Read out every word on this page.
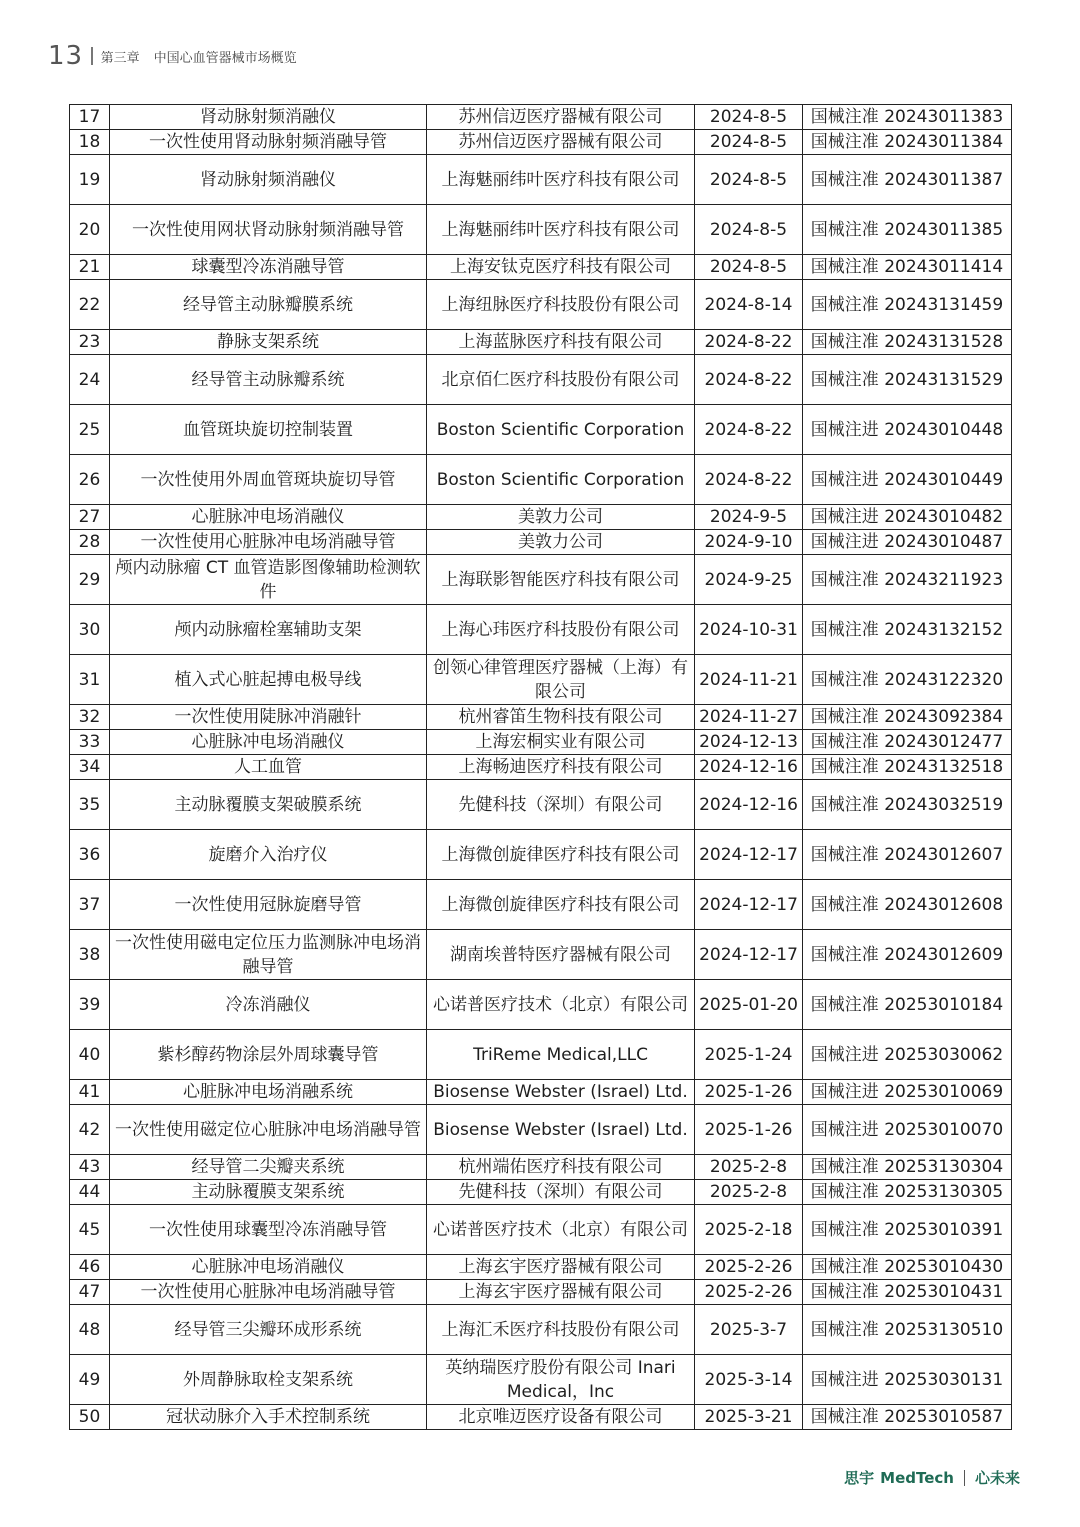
13 第三章 中国心血管器械市场概览
17	肾动脉射频消融仪	苏州信迈医疗器械有限公司	2024-8-5	国械注准 20243011383
18	一次性使用肾动脉射频消融导管	苏州信迈医疗器械有限公司	2024-8-5	国械注准 20243011384
19	肾动脉射频消融仪	上海魅丽纬叶医疗科技有限公司	2024-8-5	国械注准 20243011387
20	一次性使用网状肾动脉射频消融导管	上海魅丽纬叶医疗科技有限公司	2024-8-5	国械注准 20243011385
21	球囊型冷冻消融导管	上海安钛克医疗科技有限公司	2024-8-5	国械注准 20243011414
22	经导管主动脉瓣膜系统	上海纽脉医疗科技股份有限公司	2024-8-14	国械注准 20243131459
23	静脉支架系统	上海蓝脉医疗科技有限公司	2024-8-22	国械注准 20243131528
24	经导管主动脉瓣系统	北京佰仁医疗科技股份有限公司	2024-8-22	国械注准 20243131529
25	血管斑块旋切控制装置	Boston Scientific Corporation	2024-8-22	国械注进 20243010448
26	一次性使用外周血管斑块旋切导管	Boston Scientific Corporation	2024-8-22	国械注进 20243010449
27	心脏脉冲电场消融仪	美敦力公司	2024-9-5	国械注进 20243010482
28	一次性使用心脏脉冲电场消融导管	美敦力公司	2024-9-10	国械注进 20243010487
29	颅内动脉瘤 CT 血管造影图像辅助检测软件	上海联影智能医疗科技有限公司	2024-9-25	国械注准 20243211923
30	颅内动脉瘤栓塞辅助支架	上海心玮医疗科技股份有限公司	2024-10-31	国械注准 20243132152
31	植入式心脏起搏电极导线	创领心律管理医疗器械（上海）有限公司	2024-11-21	国械注准 20243122320
32	一次性使用陡脉冲消融针	杭州睿笛生物科技有限公司	2024-11-27	国械注准 20243092384
33	心脏脉冲电场消融仪	上海宏桐实业有限公司	2024-12-13	国械注准 20243012477
34	人工血管	上海畅迪医疗科技有限公司	2024-12-16	国械注准 20243132518
35	主动脉覆膜支架破膜系统	先健科技（深圳）有限公司	2024-12-16	国械注准 20243032519
36	旋磨介入治疗仪	上海微创旋律医疗科技有限公司	2024-12-17	国械注准 20243012607
37	一次性使用冠脉旋磨导管	上海微创旋律医疗科技有限公司	2024-12-17	国械注准 20243012608
38	一次性使用磁电定位压力监测脉冲电场消融导管	湖南埃普特医疗器械有限公司	2024-12-17	国械注准 20243012609
39	冷冻消融仪	心诺普医疗技术（北京）有限公司	2025-01-20	国械注准 20253010184
40	紫杉醇药物涂层外周球囊导管	TriReme Medical,LLC	2025-1-24	国械注进 20253030062
41	心脏脉冲电场消融系统	Biosense Webster (Israel) Ltd.	2025-1-26	国械注进 20253010069
42	一次性使用磁定位心脏脉冲电场消融导管	Biosense Webster (Israel) Ltd.	2025-1-26	国械注进 20253010070
43	经导管二尖瓣夹系统	杭州端佑医疗科技有限公司	2025-2-8	国械注准 20253130304
44	主动脉覆膜支架系统	先健科技（深圳）有限公司	2025-2-8	国械注准 20253130305
45	一次性使用球囊型冷冻消融导管	心诺普医疗技术（北京）有限公司	2025-2-18	国械注准 20253010391
46	心脏脉冲电场消融仪	上海玄宇医疗器械有限公司	2025-2-26	国械注准 20253010430
47	一次性使用心脏脉冲电场消融导管	上海玄宇医疗器械有限公司	2025-2-26	国械注准 20253010431
48	经导管三尖瓣环成形系统	上海汇禾医疗科技股份有限公司	2025-3-7	国械注准 20253130510
49	外周静脉取栓支架系统	英纳瑞医疗股份有限公司 Inari Medical，Inc	2025-3-14	国械注进 20253030131
50	冠状动脉介入手术控制系统	北京唯迈医疗设备有限公司	2025-3-21	国械注准 20253010587
思宇 MedTech 心未来
